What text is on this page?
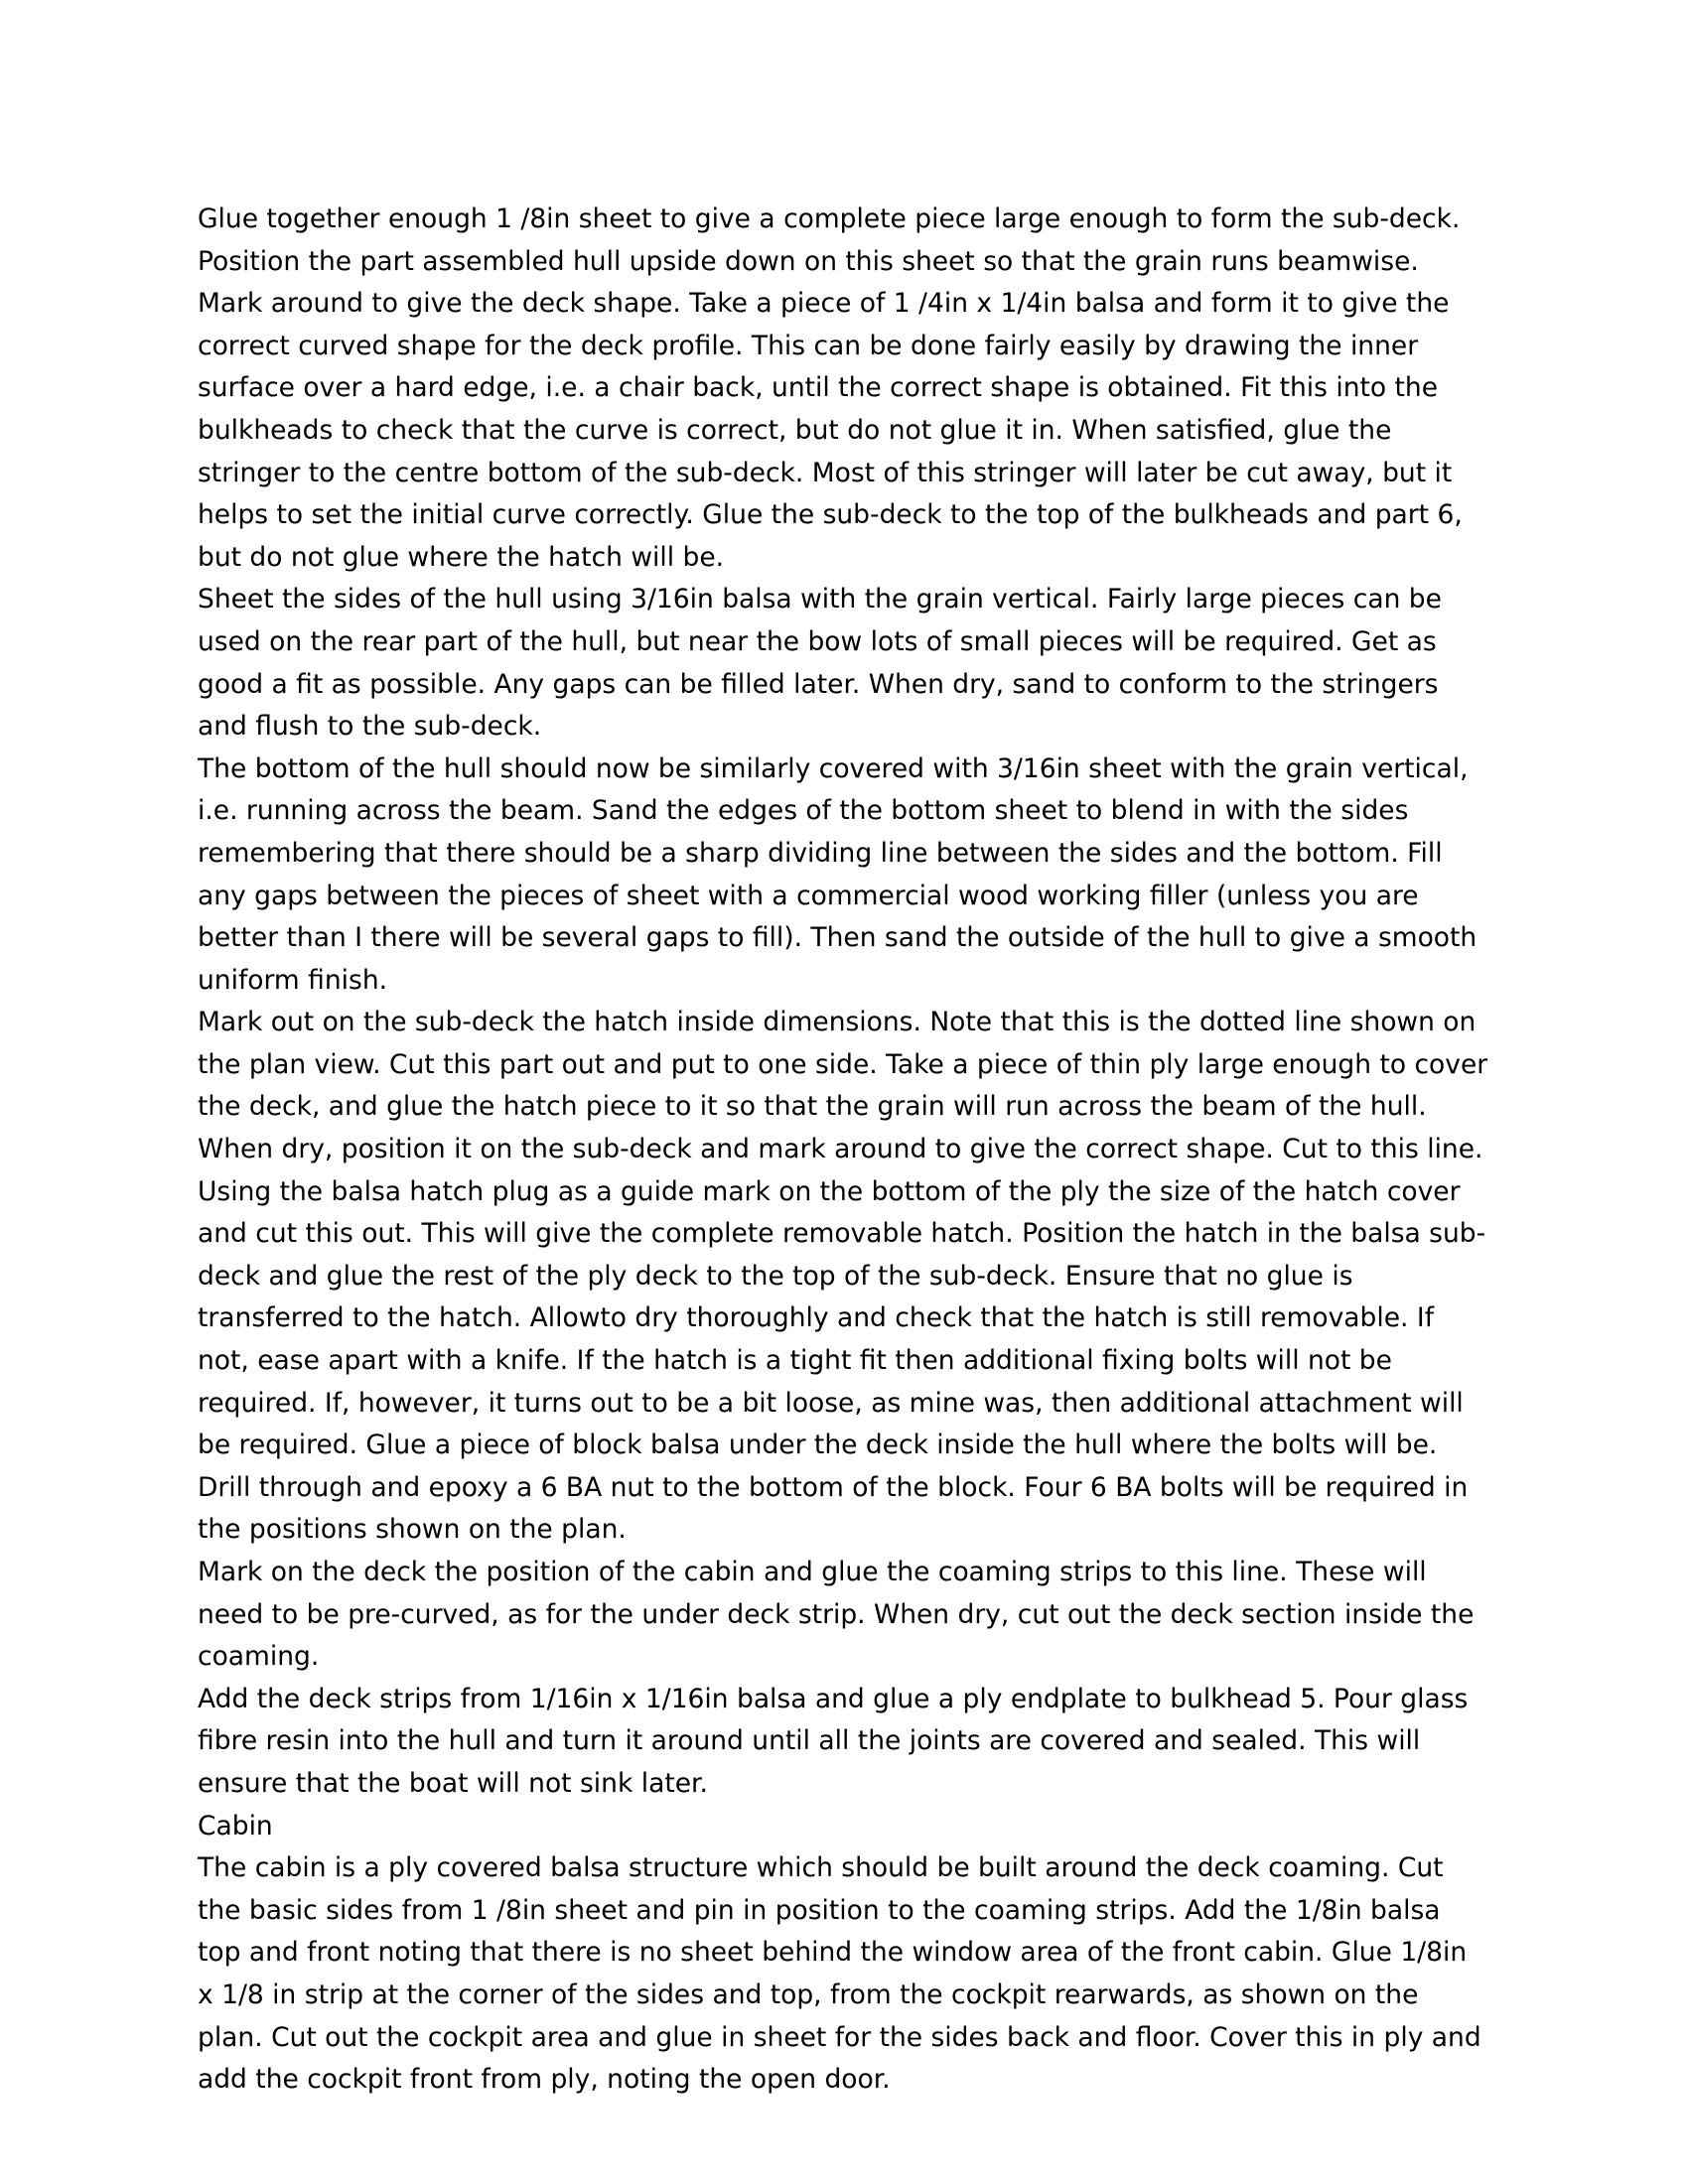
Glue together enough 1 /8in sheet to give a complete piece large enough to form the sub-deck. Position the part assembled hull upside down on this sheet so that the grain runs beamwise. Mark around to give the deck shape. Take a piece of 1 /4in x 1/4in balsa and form it to give the correct curved shape for the deck profile. This can be done fairly easily by drawing the inner surface over a hard edge, i.e. a chair back, until the correct shape is obtained. Fit this into the bulkheads to check that the curve is correct, but do not glue it in. When satisfied, glue the stringer to the centre bottom of the sub-deck. Most of this stringer will later be cut away, but it helps to set the initial curve correctly. Glue the sub-deck to the top of the bulkheads and part 6, but do not glue where the hatch will be.

Sheet the sides of the hull using 3/16in balsa with the grain vertical. Fairly large pieces can be used on the rear part of the hull, but near the bow lots of small pieces will be required. Get as good a fit as possible. Any gaps can be filled later. When dry, sand to conform to the stringers and flush to the sub-deck.

The bottom of the hull should now be similarly covered with 3/16in sheet with the grain vertical, i.e. running across the beam. Sand the edges of the bottom sheet to blend in with the sides remembering that there should be a sharp dividing line between the sides and the bottom. Fill any gaps between the pieces of sheet with a commercial wood working filler (unless you are better than I there will be several gaps to fill). Then sand the outside of the hull to give a smooth uniform finish.

Mark out on the sub-deck the hatch inside dimensions. Note that this is the dotted line shown on the plan view. Cut this part out and put to one side. Take a piece of thin ply large enough to cover the deck, and glue the hatch piece to it so that the grain will run across the beam of the hull. When dry, position it on the sub-deck and mark around to give the correct shape. Cut to this line. Using the balsa hatch plug as a guide mark on the bottom of the ply the size of the hatch cover and cut this out. This will give the complete removable hatch. Position the hatch in the balsa sub-deck and glue the rest of the ply deck to the top of the sub-deck. Ensure that no glue is transferred to the hatch. Allowto dry thoroughly and check that the hatch is still removable. If not, ease apart with a knife. If the hatch is a tight fit then additional fixing bolts will not be required. If, however, it turns out to be a bit loose, as mine was, then additional attachment will be required. Glue a piece of block balsa under the deck inside the hull where the bolts will be. Drill through and epoxy a 6 BA nut to the bottom of the block. Four 6 BA bolts will be required in the positions shown on the plan.

Mark on the deck the position of the cabin and glue the coaming strips to this line. These will need to be pre-curved, as for the under deck strip. When dry, cut out the deck section inside the coaming.

Add the deck strips from 1/16in x 1/16in balsa and glue a ply endplate to bulkhead 5. Pour glass fibre resin into the hull and turn it around until all the joints are covered and sealed. This will ensure that the boat will not sink later.

Cabin

The cabin is a ply covered balsa structure which should be built around the deck coaming. Cut the basic sides from 1 /8in sheet and pin in position to the coaming strips. Add the 1/8in balsa top and front noting that there is no sheet behind the window area of the front cabin. Glue 1/8in x 1/8 in strip at the corner of the sides and top, from the cockpit rearwards, as shown on the plan. Cut out the cockpit area and glue in sheet for the sides back and floor. Cover this in ply and add the cockpit front from ply, noting the open door.
